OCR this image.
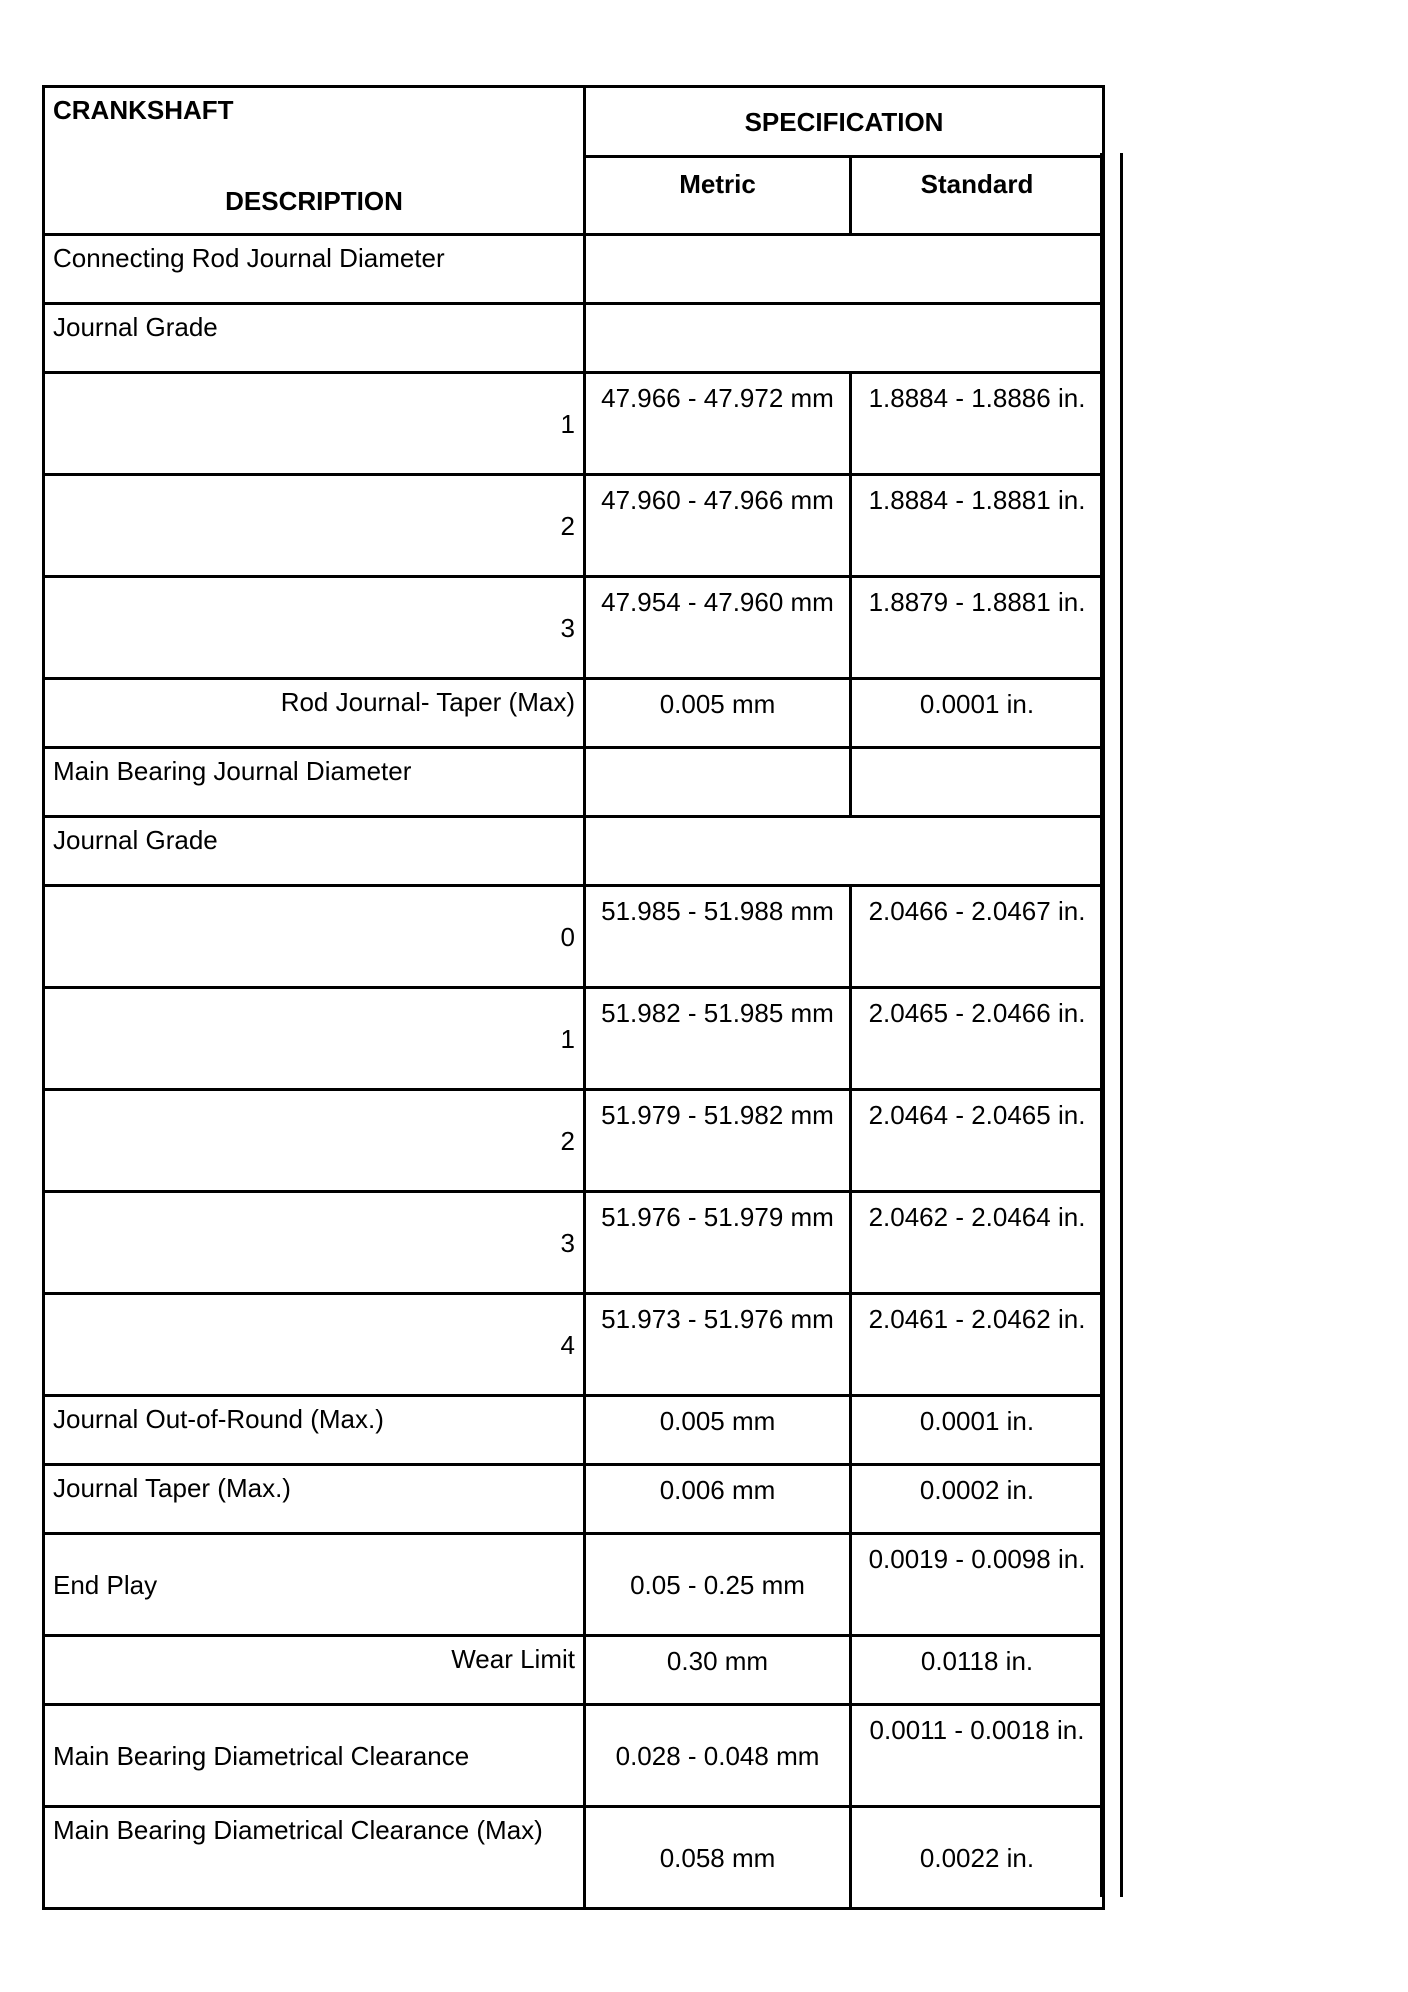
CRANKSHAFT	SPECIFICATION	
DESCRIPTION	Metric	Standard
Connecting Rod Journal Diameter		
Journal Grade		
1	47.966 - 47.972 mm	1.8884 - 1.8886 in.
2	47.960 - 47.966 mm	1.8884 - 1.8881 in.
3	47.954 - 47.960 mm	1.8879 - 1.8881 in.
Rod Journal- Taper (Max)	0.005 mm	0.0001 in.
Main Bearing Journal Diameter		
Journal Grade		
0	51.985 - 51.988 mm	2.0466 - 2.0467 in.
1	51.982 - 51.985 mm	2.0465 - 2.0466 in.
2	51.979 - 51.982 mm	2.0464 - 2.0465 in.
3	51.976 - 51.979 mm	2.0462 - 2.0464 in.
4	51.973 - 51.976 mm	2.0461 - 2.0462 in.
Journal Out-of-Round (Max.)	0.005 mm	0.0001 in.
Journal Taper (Max.)	0.006 mm	0.0002 in.
End Play	0.05 - 0.25 mm	0.0019 - 0.0098 in.
Wear Limit	0.30 mm	0.0118 in.
Main Bearing Diametrical Clearance	0.028 - 0.048 mm	0.0011 - 0.0018 in.
Main Bearing Diametrical Clearance (Max)	0.058 mm	0.0022 in.
